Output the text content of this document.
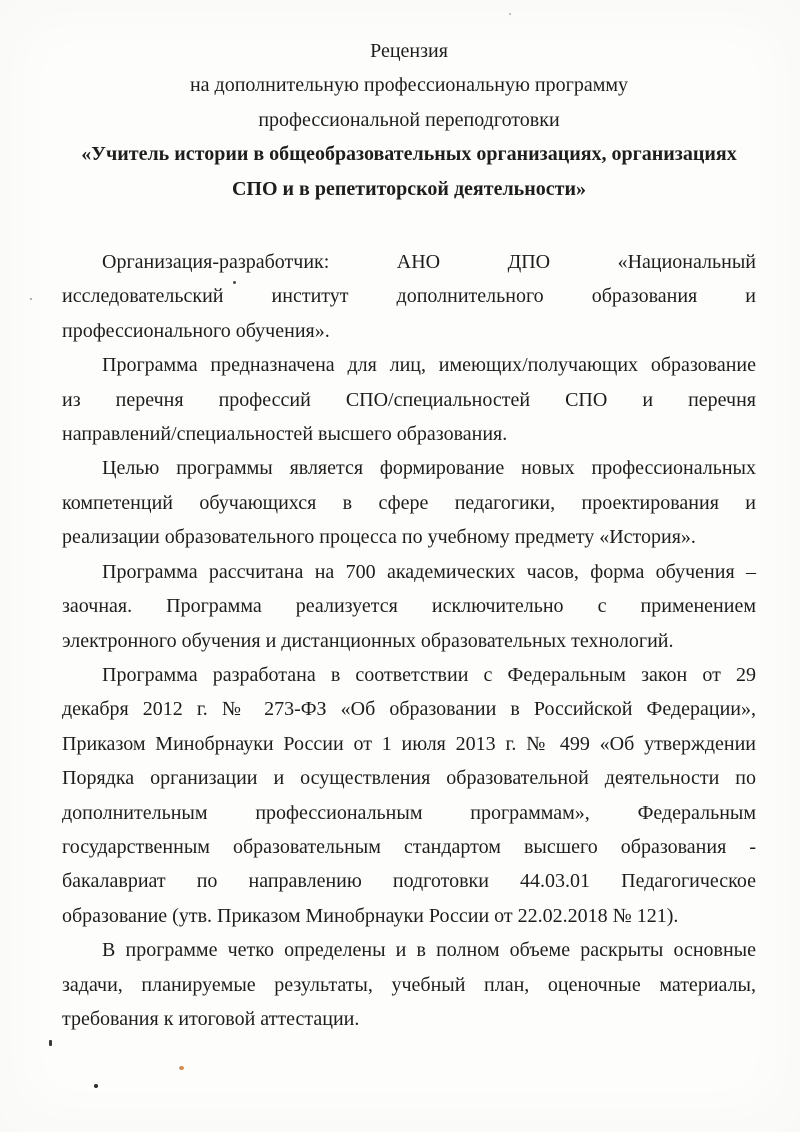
Рецензия
на дополнительную профессиональную программу
профессиональной переподготовки
«Учитель истории в общеобразовательных организациях, организациях
СПО и в репетиторской деятельности»
Организация-разработчик: АНО ДПО «Национальный
исследовательский институт дополнительного образования и
профессионального обучения».
Программа предназначена для лиц, имеющих/получающих образование
из перечня профессий СПО/специальностей СПО и перечня
направлений/специальностей высшего образования.
Целью программы является формирование новых профессиональных
компетенций обучающихся в сфере педагогики, проектирования и
реализации образовательного процесса по учебному предмету «История».
Программа рассчитана на 700 академических часов, форма обучения –
заочная. Программа реализуется исключительно с применением
электронного обучения и дистанционных образовательных технологий.
Программа разработана в соответствии с Федеральным закон от 29
декабря 2012 г. № 273-ФЗ «Об образовании в Российской Федерации»,
Приказом Минобрнауки России от 1 июля 2013 г. № 499 «Об утверждении
Порядка организации и осуществления образовательной деятельности по
дополнительным профессиональным программам», Федеральным
государственным образовательным стандартом высшего образования -
бакалавриат по направлению подготовки 44.03.01 Педагогическое
образование (утв. Приказом Минобрнауки России от 22.02.2018 № 121).
В программе четко определены и в полном объеме раскрыты основные
задачи, планируемые результаты, учебный план, оценочные материалы,
требования к итоговой аттестации.
